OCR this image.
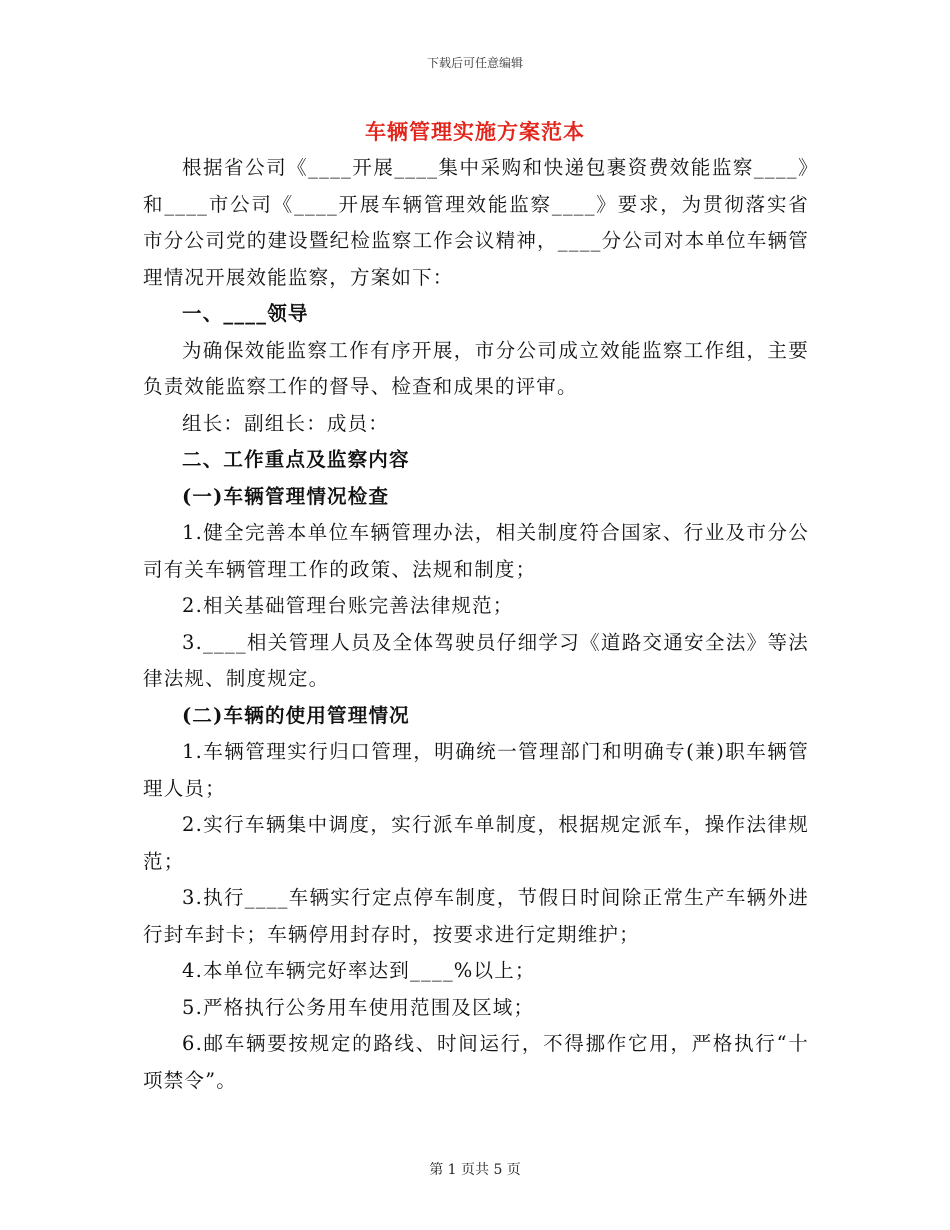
下载后可任意编辑
车辆管理实施方案范本

根据省公司《____开展____集中采购和快递包裹资费效能监察____》和____市公司《____开展车辆管理效能监察____》要求，为贯彻落实省市分公司党的建设暨纪检监察工作会议精神，____分公司对本单位车辆管理情况开展效能监察，方案如下：

一、____领导

为确保效能监察工作有序开展，市分公司成立效能监察工作组，主要负责效能监察工作的督导、检查和成果的评审。

组长：副组长：成员：

二、工作重点及监察内容

(一)车辆管理情况检查

1.健全完善本单位车辆管理办法，相关制度符合国家、行业及市分公司有关车辆管理工作的政策、法规和制度；

2.相关基础管理台账完善法律规范；

3.____相关管理人员及全体驾驶员仔细学习《道路交通安全法》等法律法规、制度规定。

(二)车辆的使用管理情况

1.车辆管理实行归口管理，明确统一管理部门和明确专(兼)职车辆管理人员；

2.实行车辆集中调度，实行派车单制度，根据规定派车，操作法律规范；

3.执行____车辆实行定点停车制度，节假日时间除正常生产车辆外进行封车封卡；车辆停用封存时，按要求进行定期维护；

4.本单位车辆完好率达到____%以上；

5.严格执行公务用车使用范围及区域；

6.邮车辆要按规定的路线、时间运行，不得挪作它用，严格执行“十项禁令”。

第 1 页共 5 页
